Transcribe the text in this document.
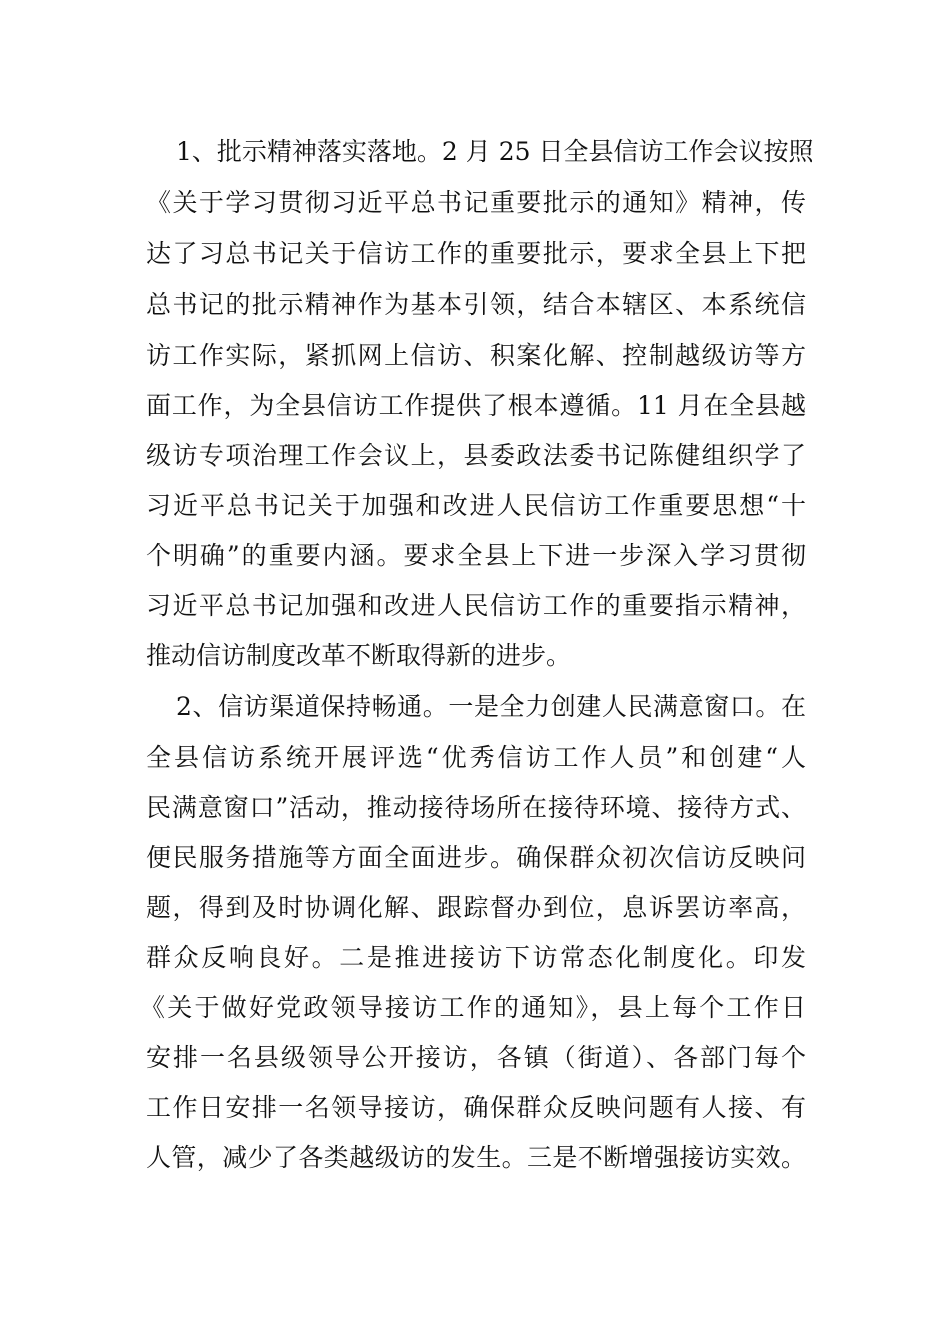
1、批示精神落实落地。2 月 25 日全县信访工作会议按照
《关于学习贯彻习近平总书记重要批示的通知》精神，传
达了习总书记关于信访工作的重要批示，要求全县上下把
总书记的批示精神作为基本引领，结合本辖区、本系统信
访工作实际，紧抓网上信访、积案化解、控制越级访等方
面工作，为全县信访工作提供了根本遵循。11 月在全县越
级访专项治理工作会议上，县委政法委书记陈健组织学了
习近平总书记关于加强和改进人民信访工作重要思想“十
个明确”的重要内涵。要求全县上下进一步深入学习贯彻
习近平总书记加强和改进人民信访工作的重要指示精神，
推动信访制度改革不断取得新的进步。
2、信访渠道保持畅通。一是全力创建人民满意窗口。在
全县信访系统开展评选“优秀信访工作人员”和创建“人
民满意窗口”活动，推动接待场所在接待环境、接待方式、
便民服务措施等方面全面进步。确保群众初次信访反映问
题，得到及时协调化解、跟踪督办到位，息诉罢访率高，
群众反响良好。二是推进接访下访常态化制度化。印发
《关于做好党政领导接访工作的通知》，县上每个工作日
安排一名县级领导公开接访，各镇（街道）、各部门每个
工作日安排一名领导接访，确保群众反映问题有人接、有
人管，减少了各类越级访的发生。三是不断增强接访实效。
